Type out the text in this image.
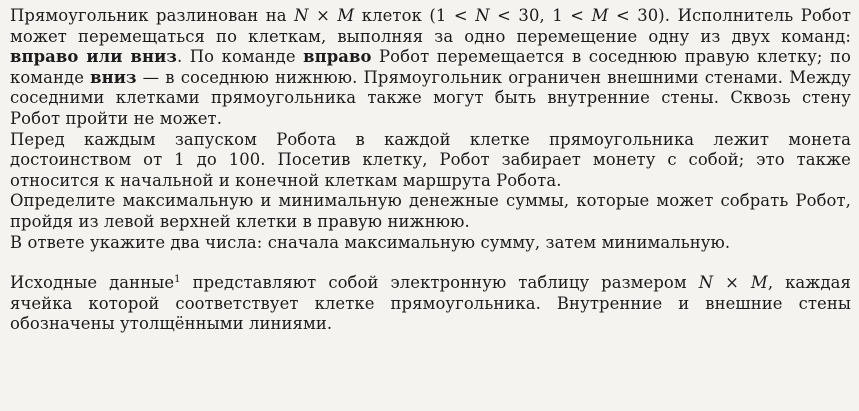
Прямоугольник разлинован на N × M клеток (1 < N < 30, 1 < M < 30). Исполнитель Робот может перемещаться по клеткам, выполняя за одно перемещение одну из двух команд: вправо или вниз. По команде вправо Робот перемещается в соседнюю правую клетку; по команде вниз — в соседнюю нижнюю. Прямоугольник ограничен внешними стенами. Между соседними клетками прямоугольника также могут быть внутренние стены. Сквозь стену Робот пройти не может.

Перед каждым запуском Робота в каждой клетке прямоугольника лежит монета достоинством от 1 до 100. Посетив клетку, Робот забирает монету с собой; это также относится к начальной и конечной клеткам маршрута Робота.

Определите максимальную и минимальную денежные суммы, которые может собрать Робот, пройдя из левой верхней клетки в правую нижнюю.

В ответе укажите два числа: сначала максимальную сумму, затем минимальную.

Исходные данные$^1$ представляют собой электронную таблицу размером N × M, каждая ячейка которой соответствует клетке прямоугольника. Внутренние и внешние стены обозначены утолщёнными линиями.
